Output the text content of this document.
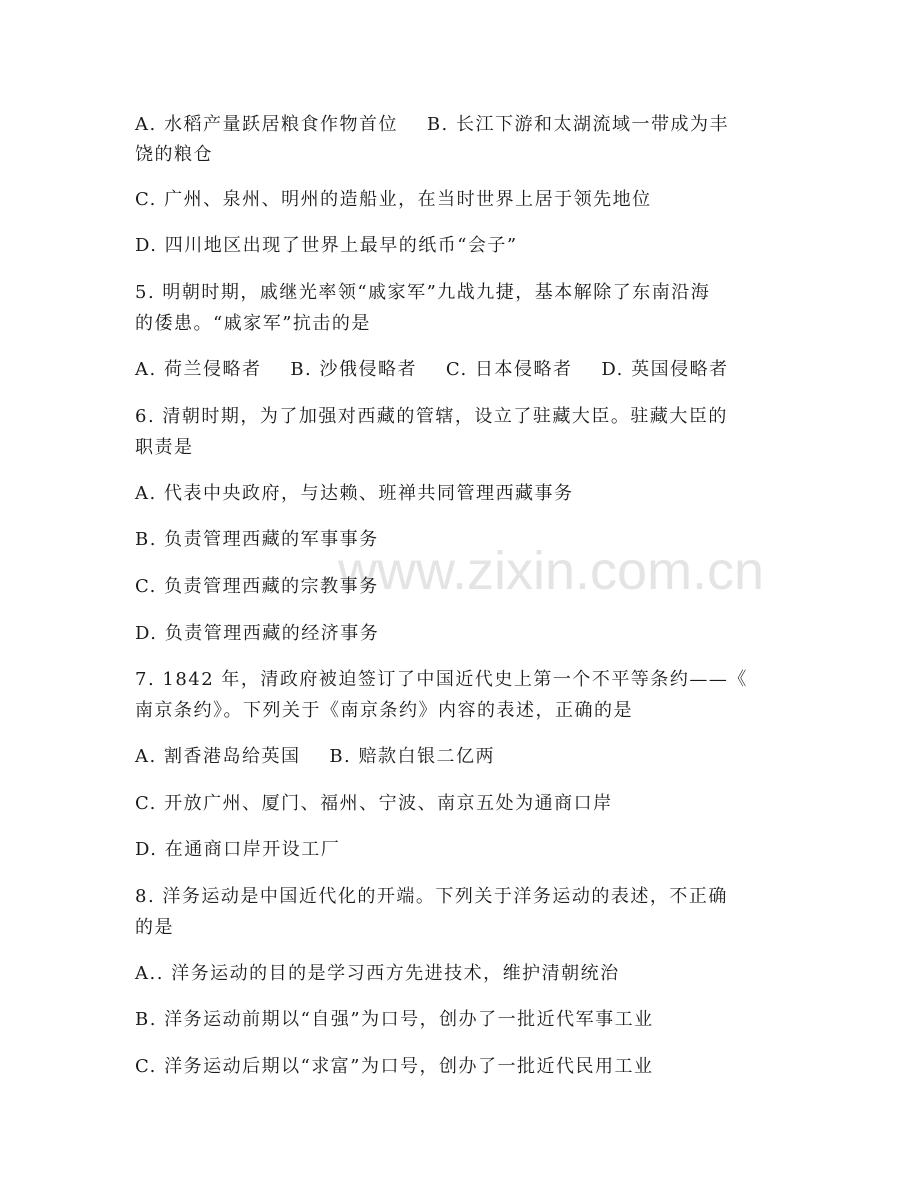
www.zixin.com.cn
A. 水稻产量跃居粮食作物首位    B. 长江下游和太湖流域一带成为丰
饶的粮仓
C. 广州、泉州、明州的造船业，在当时世界上居于领先地位
D. 四川地区出现了世界上最早的纸币“会子”
5. 明朝时期，戚继光率领“戚家军”九战九捷，基本解除了东南沿海
的倭患。“戚家军”抗击的是
A. 荷兰侵略者    B. 沙俄侵略者    C. 日本侵略者    D. 英国侵略者
6. 清朝时期，为了加强对西藏的管辖，设立了驻藏大臣。驻藏大臣的
职责是
A. 代表中央政府，与达赖、班禅共同管理西藏事务
B. 负责管理西藏的军事事务
C. 负责管理西藏的宗教事务
D. 负责管理西藏的经济事务
7. 1842 年，清政府被迫签订了中国近代史上第一个不平等条约——《
南京条约》。下列关于《南京条约》内容的表述，正确的是
A. 割香港岛给英国    B. 赔款白银二亿两
C. 开放广州、厦门、福州、宁波、南京五处为通商口岸
D. 在通商口岸开设工厂
8. 洋务运动是中国近代化的开端。下列关于洋务运动的表述，不正确
的是
A.. 洋务运动的目的是学习西方先进技术，维护清朝统治
B. 洋务运动前期以“自强”为口号，创办了一批近代军事工业
C. 洋务运动后期以“求富”为口号，创办了一批近代民用工业
